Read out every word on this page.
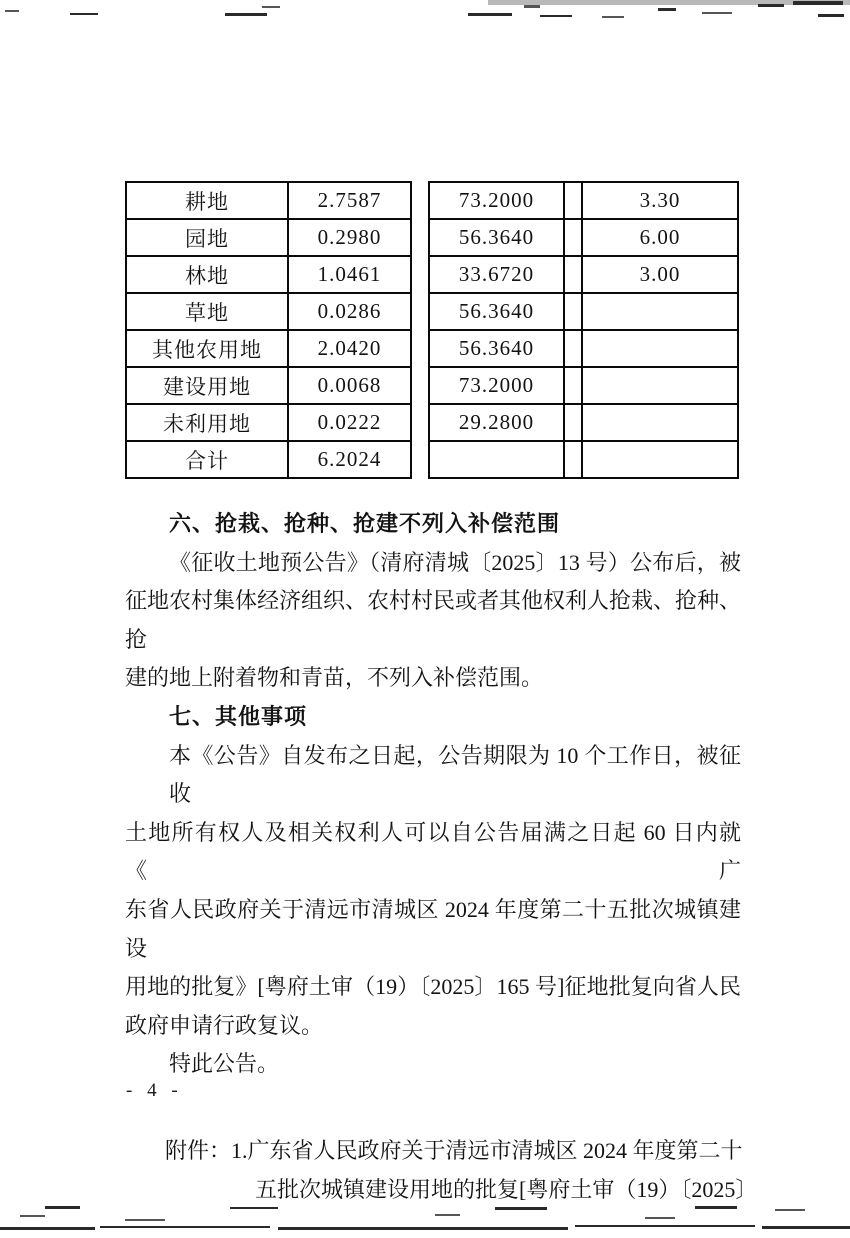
耕地	2.7587		73.2000		3.30
园地	0.2980		56.3640		6.00
林地	1.0461		33.6720		3.00
草地	0.0286		56.3640		
其他农用地	2.0420		56.3640		
建设用地	0.0068		73.2000		
未利用地	0.0222		29.2800		
合计	6.2024				
六、抢栽、抢种、抢建不列入补偿范围
《征收土地预公告》（清府清城〔2025〕13 号）公布后，被
征地农村集体经济组织、农村村民或者其他权利人抢栽、抢种、抢
建的地上附着物和青苗，不列入补偿范围。
七、其他事项
本《公告》自发布之日起，公告期限为 10 个工作日，被征收
土地所有权人及相关权利人可以自公告届满之日起 60 日内就《广
东省人民政府关于清远市清城区 2024 年度第二十五批次城镇建设
用地的批复》[粤府土审（19）〔2025〕165 号]征地批复向省人民
政府申请行政复议。
特此公告。
附件：1.广东省人民政府关于清远市清城区 2024 年度第二十
五批次城镇建设用地的批复[粤府土审（19）〔2025〕
- 4 -
